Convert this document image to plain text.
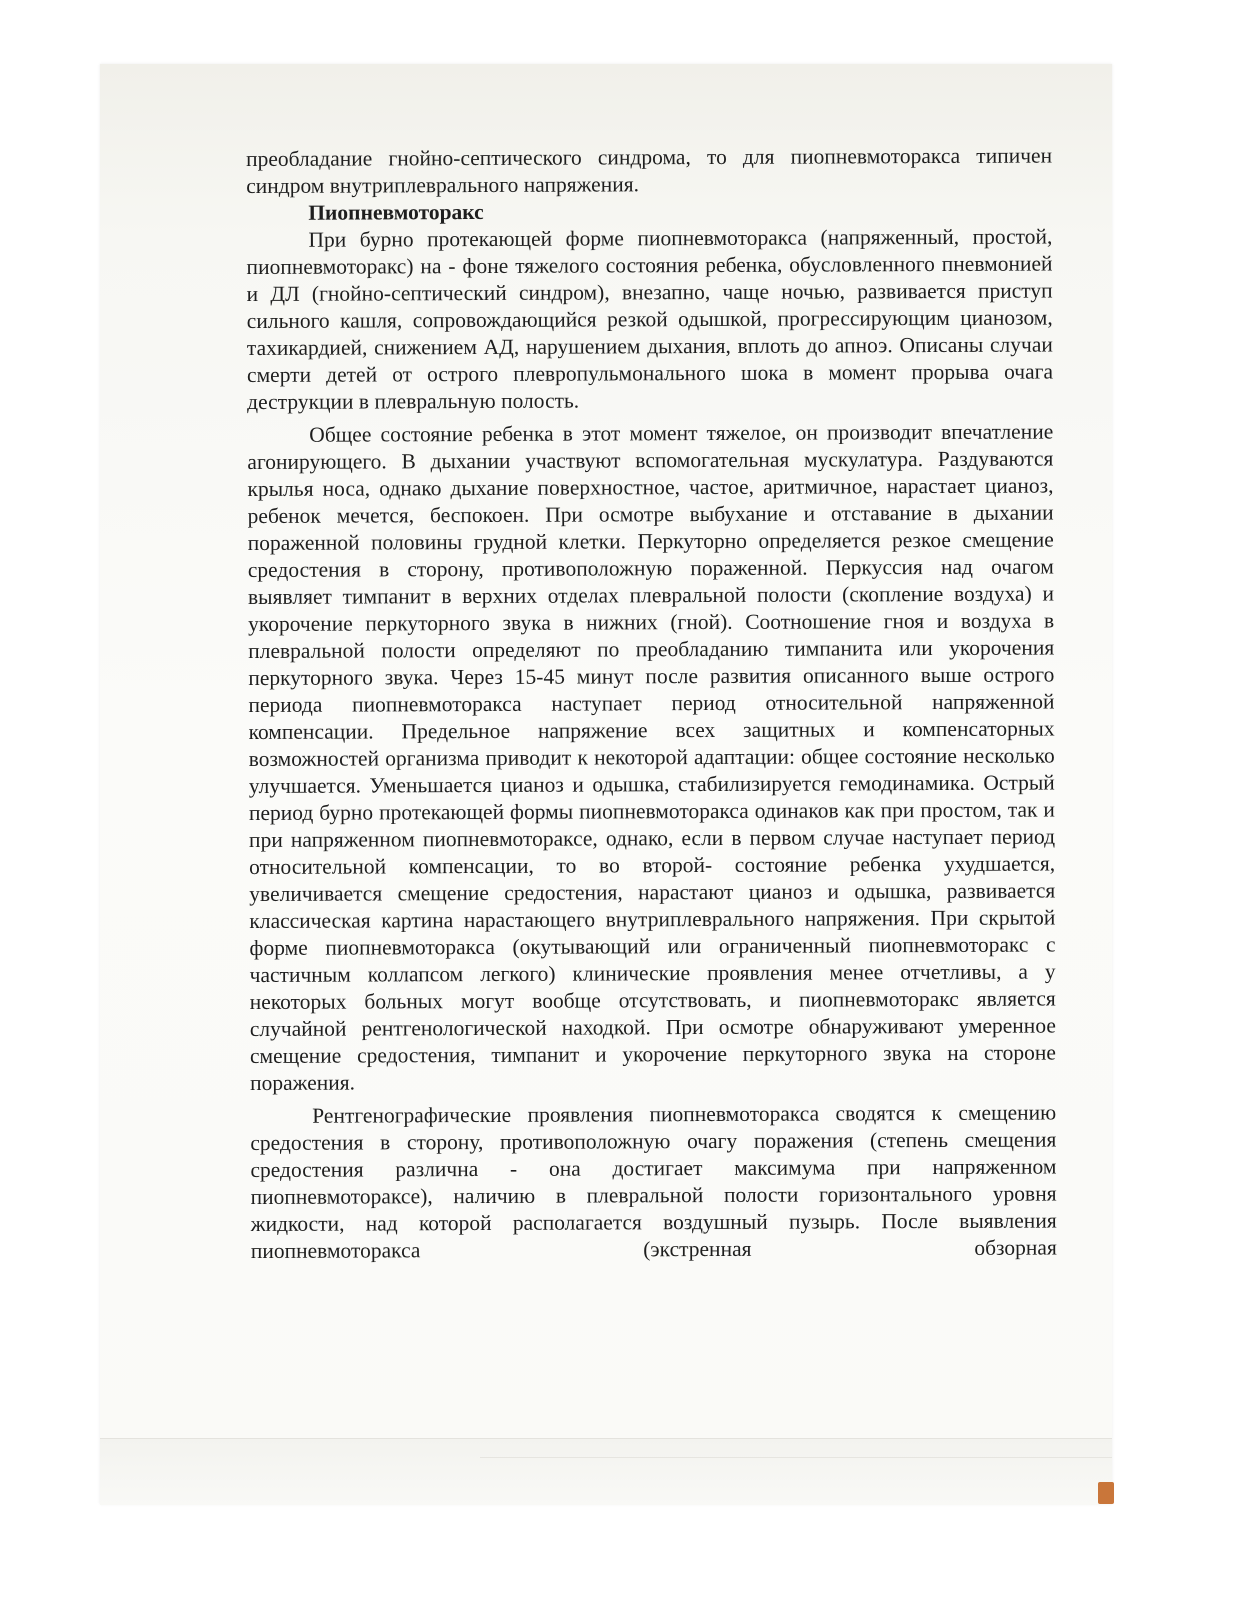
преобладание гнойно-септического синдрома, то для пиопневмоторакса типичен синдром внутриплеврального напряжения.

Пиопневмоторакс

При бурно протекающей форме пиопневмоторакса (напряженный, простой, пиопневмоторакс) на - фоне тяжелого состояния ребенка, обусловленного пневмонией и ДЛ (гнойно-септический синдром), внезапно, чаще ночью, развивается приступ сильного кашля, сопровождающийся резкой одышкой, прогрессирующим цианозом, тахикардией, снижением АД, нарушением дыхания, вплоть до апноэ. Описаны случаи смерти детей от острого плевропульмонального шока в момент прорыва очага деструкции в плевральную полость.

Общее состояние ребенка в этот момент тяжелое, он производит впечатление агонирующего. В дыхании участвуют вспомогательная мускулатура. Раздуваются крылья носа, однако дыхание поверхностное, частое, аритмичное, нарастает цианоз, ребенок мечется, беспокоен. При осмотре выбухание и отставание в дыхании пораженной половины грудной клетки. Перкуторно определяется резкое смещение средостения в сторону, противоположную пораженной. Перкуссия над очагом выявляет тимпанит в верхних отделах плевральной полости (скопление воздуха) и укорочение перкуторного звука в нижних (гной). Соотношение гноя и воздуха в плевральной полости определяют по преобладанию тимпанита или укорочения перкуторного звука. Через 15-45 минут после развития описанного выше острого периода пиопневмоторакса наступает период относительной напряженной компенсации. Предельное напряжение всех защитных и компенсаторных возможностей организма приводит к некоторой адаптации: общее состояние несколько улучшается. Уменьшается цианоз и одышка, стабилизируется гемодинамика. Острый период бурно протекающей формы пиопневмоторакса одинаков как при простом, так и при напряженном пиопневмотораксе, однако, если в первом случае наступает период относительной компенсации, то во второй- состояние ребенка ухудшается, увеличивается смещение средостения, нарастают цианоз и одышка, развивается классическая картина нарастающего внутриплеврального напряжения. При скрытой форме пиопневмоторакса (окутывающий или ограниченный пиопневмоторакс с частичным коллапсом легкого) клинические проявления менее отчетливы, а у некоторых больных могут вообще отсутствовать, и пиопневмоторакс является случайной рентгенологической находкой. При осмотре обнаруживают умеренное смещение средостения, тимпанит и укорочение перкуторного звука на стороне поражения.

Рентгенографические проявления пиопневмоторакса сводятся к смещению средостения в сторону, противоположную очагу поражения (степень смещения средостения различна - она достигает максимума при напряженном пиопневмотораксе), наличию в плевральной полости горизонтального уровня жидкости, над которой располагается воздушный пузырь. После выявления пиопневмоторакса (экстренная обзорная
